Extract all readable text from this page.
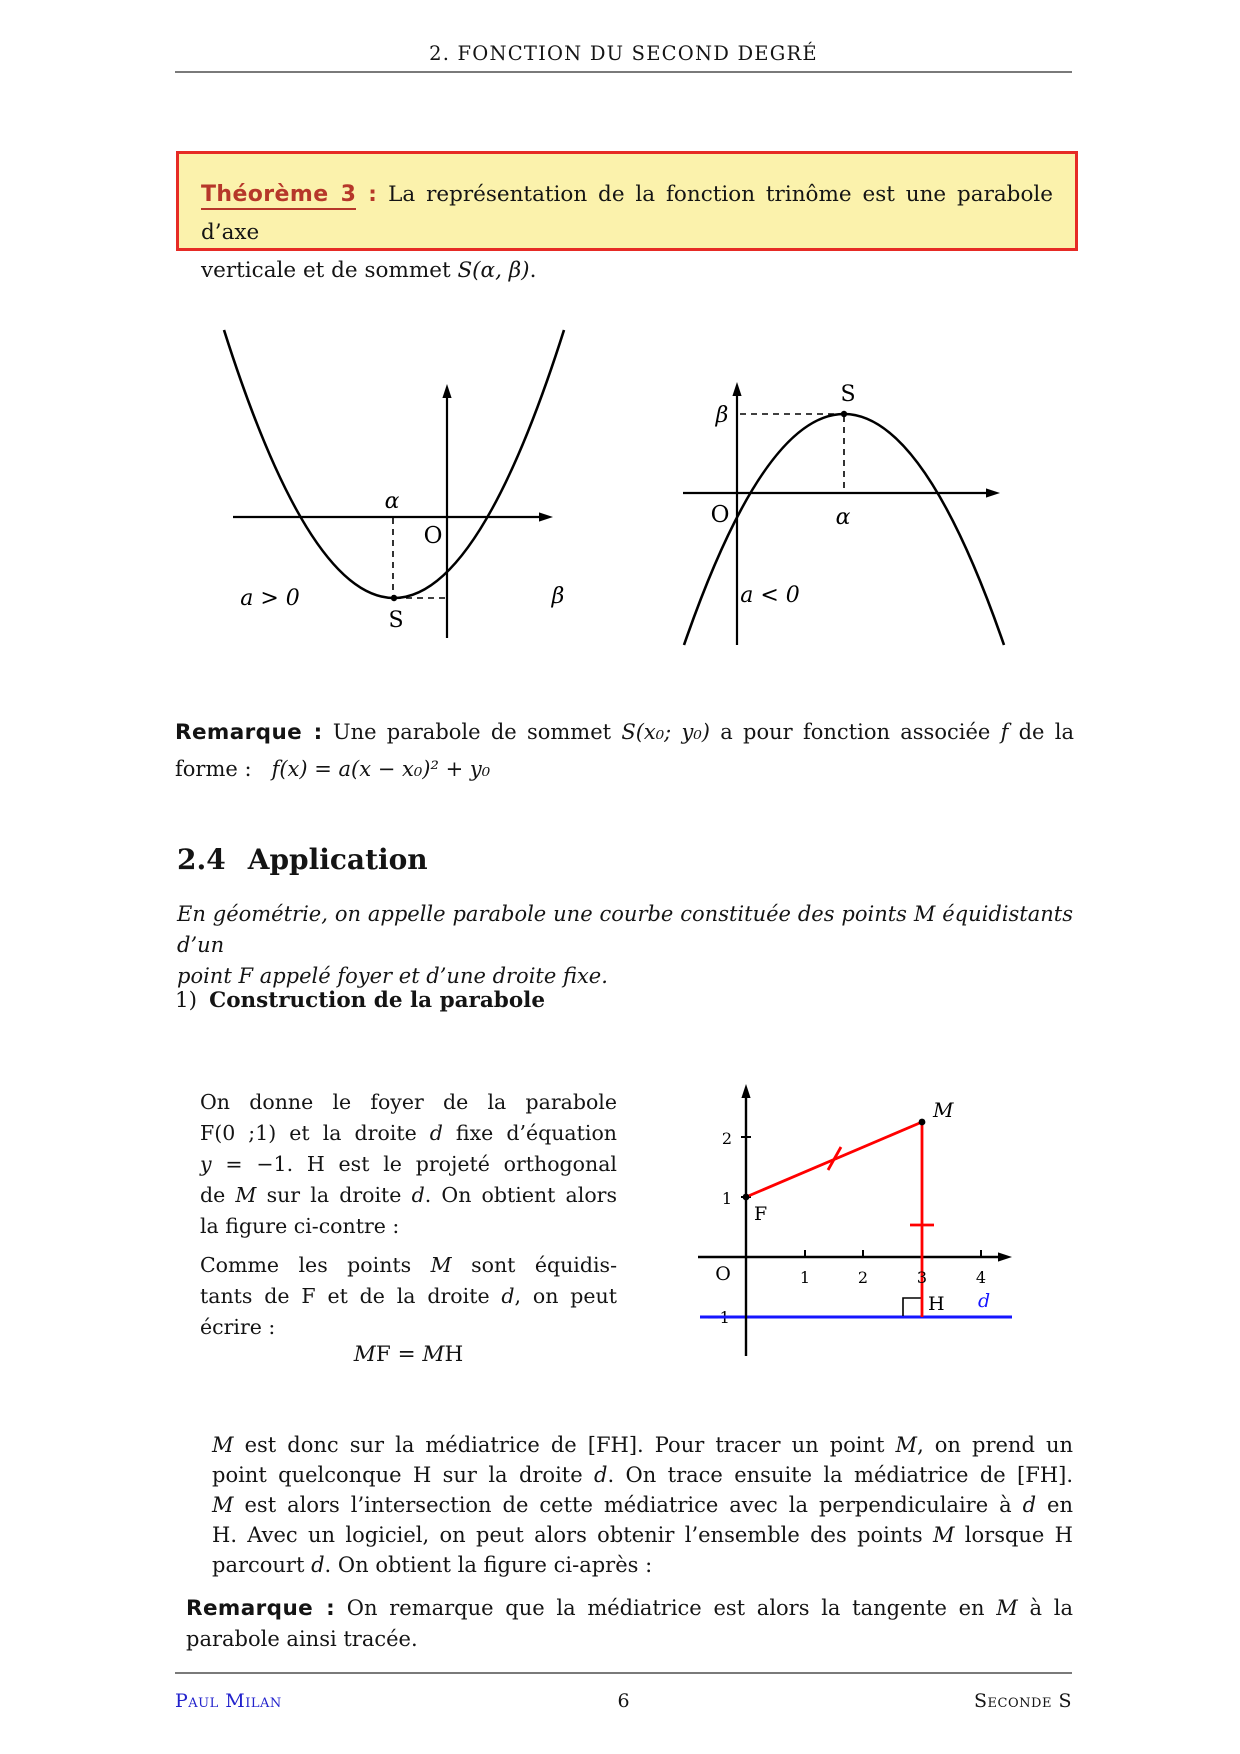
2. FONCTION DU SECOND DEGRÉ
Théorème 3 : La représentation de la fonction trinôme est une parabole d’axe
verticale et de sommet S(α, β).
α
O
β
S
a > 0
S
β
O	α
a < 0
Remarque : Une parabole de sommet S(x₀; y₀) a pour fonction associée f de la
forme :   f(x) = a(x − x₀)² + y₀
2.4 Application
En géométrie, on appelle parabole une courbe constituée des points M équidistants d’un
point F appelé foyer et d’une droite fixe.
1) Construction de la parabole
On donne le foyer de la parabole
F(0 ;1) et la droite d fixe d’équation
y = −1. H est le projeté orthogonal
de M sur la droite d. On obtient alors
la figure ci-contre :
Comme les points M sont équidis-
tants de F et de la droite d, on peut
écrire :
MF = MH
−1
2
1
1	2	3	4
O
F
M
H d
M est donc sur la médiatrice de [FH]. Pour tracer un point M, on prend un
point quelconque H sur la droite d. On trace ensuite la médiatrice de [FH].
M est alors l’intersection de cette médiatrice avec la perpendiculaire à d en
H. Avec un logiciel, on peut alors obtenir l’ensemble des points M lorsque H
parcourt d. On obtient la figure ci-après :
Remarque : On remarque que la médiatrice est alors la tangente en M à la
parabole ainsi tracée.
Paul Milan	6	Seconde S
